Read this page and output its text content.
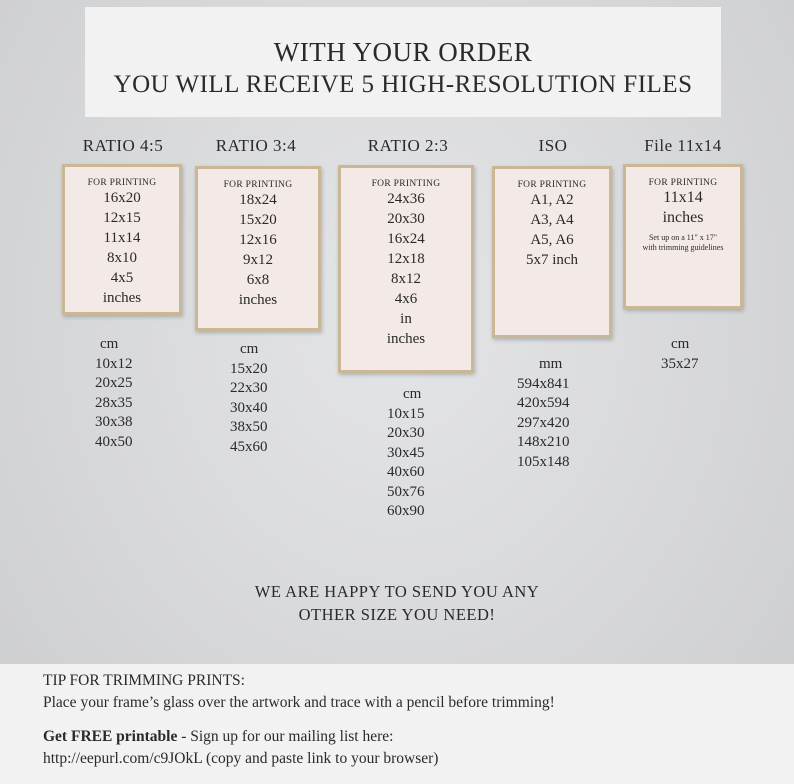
WITH YOUR ORDER
YOU WILL RECEIVE 5 HIGH-RESOLUTION FILES
RATIO 4:5
FOR PRINTING
16x20
12x15
11x14
8x10
4x5
inches
cm
10x12
20x25
28x35
30x38
40x50
RATIO 3:4
FOR PRINTING
18x24
15x20
12x16
9x12
6x8
inches
cm
15x20
22x30
30x40
38x50
45x60
RATIO 2:3
FOR PRINTING
24x36
20x30
16x24
12x18
8x12
4x6
in
inches
cm
10x15
20x30
30x45
40x60
50x76
60x90
ISO
FOR PRINTING
A1, A2
A3, A4
A5, A6
5x7 inch
mm
594x841
420x594
297x420
148x210
105x148
File 11x14
FOR PRINTING
11x14
inches
Set up on a 11" x 17"
with trimming guidelines
cm
35x27
WE ARE HAPPY TO SEND YOU ANY
OTHER SIZE YOU NEED!
TIP FOR TRIMMING PRINTS:
Place your frame’s glass over the artwork and trace with a pencil before trimming!
Get FREE printable - Sign up for our mailing list here:
http://eepurl.com/c9JOkL (copy and paste link to your browser)
